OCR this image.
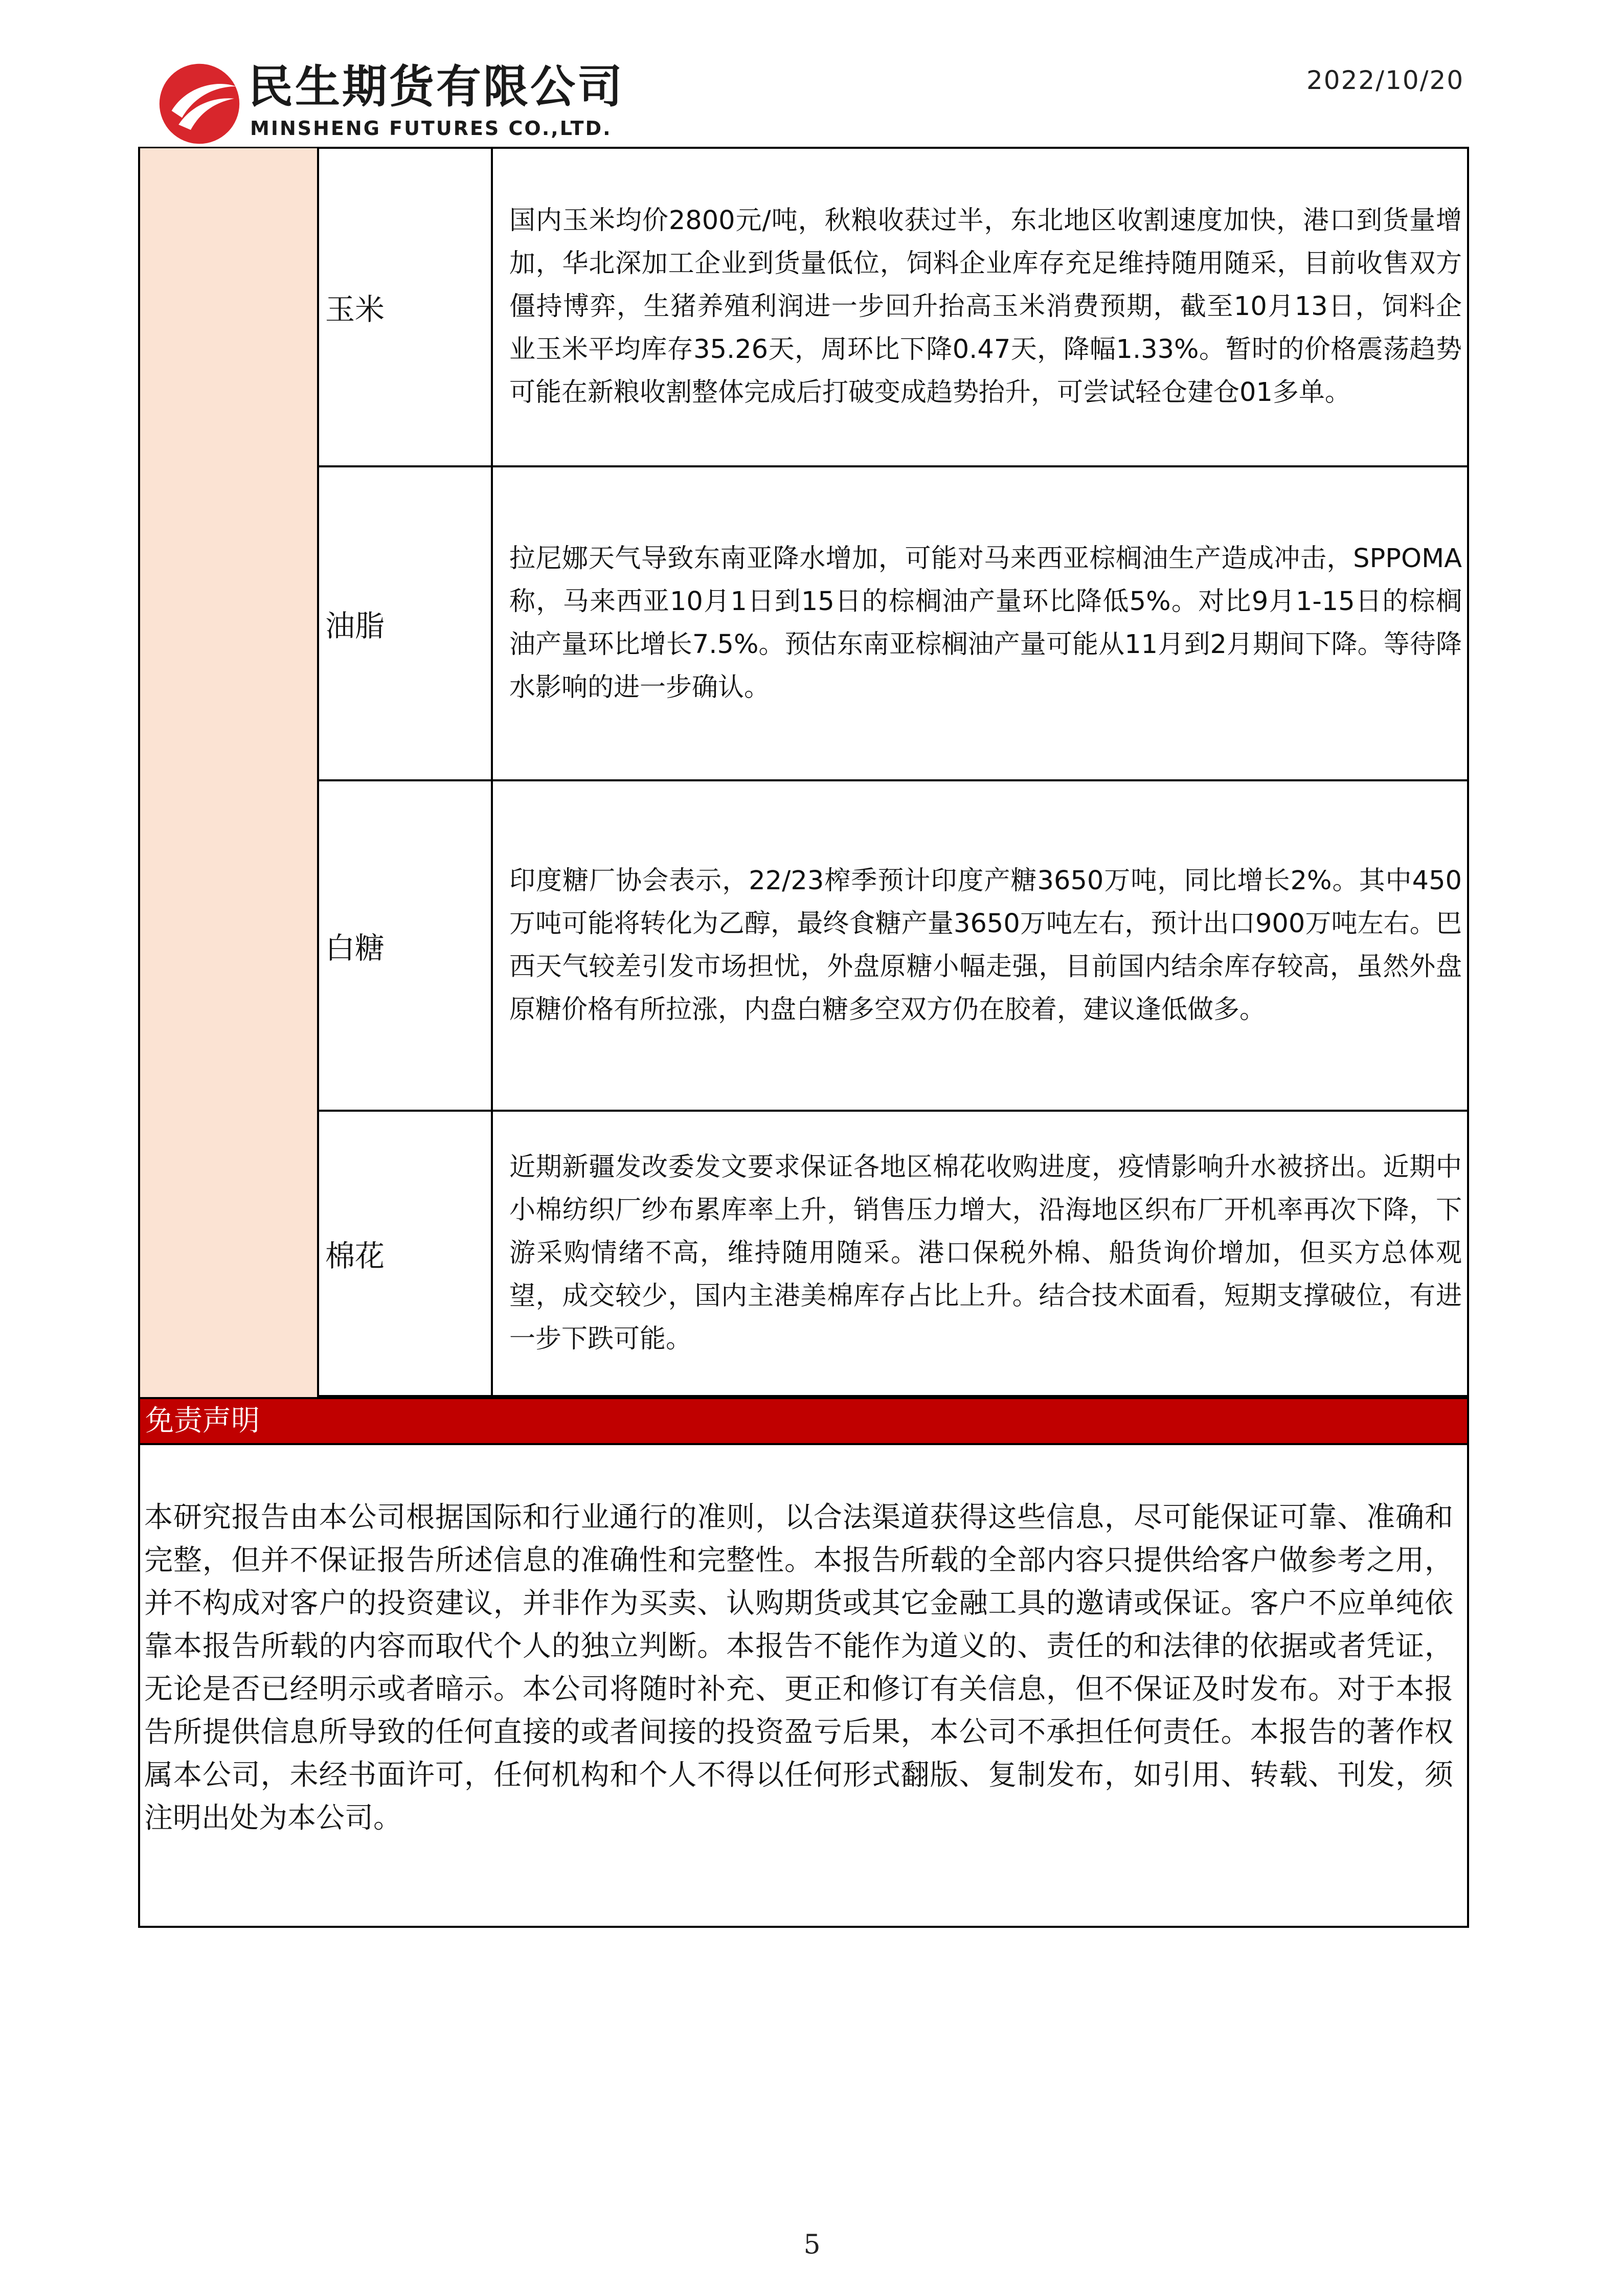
民生期货有限公司
MINSHENG FUTURES CO.,LTD.
2022/10/20
玉米
国内玉米均价2800元/吨，秋粮收获过半，东北地区收割速度加快，港口到货量增加，华北深加工企业到货量低位，饲料企业库存充足维持随用随采，目前收售双方僵持博弈，生猪养殖利润进一步回升抬高玉米消费预期，截至10月13日，饲料企业玉米平均库存35.26天，周环比下降0.47天，降幅1.33%。暂时的价格震荡趋势可能在新粮收割整体完成后打破变成趋势抬升，可尝试轻仓建仓01多单。
油脂
拉尼娜天气导致东南亚降水增加，可能对马来西亚棕榈油生产造成冲击，SPPOMA称，马来西亚10月1日到15日的棕榈油产量环比降低5%。对比9月1-15日的棕榈油产量环比增长7.5%。预估东南亚棕榈油产量可能从11月到2月期间下降。等待降水影响的进一步确认。
白糖
印度糖厂协会表示，22/23榨季预计印度产糖3650万吨，同比增长2%。其中450万吨可能将转化为乙醇，最终食糖产量3650万吨左右，预计出口900万吨左右。巴西天气较差引发市场担忧，外盘原糖小幅走强，目前国内结余库存较高，虽然外盘原糖价格有所拉涨，内盘白糖多空双方仍在胶着，建议逢低做多。
棉花
近期新疆发改委发文要求保证各地区棉花收购进度，疫情影响升水被挤出。近期中小棉纺织厂纱布累库率上升，销售压力增大，沿海地区织布厂开机率再次下降，下游采购情绪不高，维持随用随采。港口保税外棉、船货询价增加，但买方总体观望，成交较少，国内主港美棉库存占比上升。结合技术面看，短期支撑破位，有进一步下跌可能。
免责声明
本研究报告由本公司根据国际和行业通行的准则，以合法渠道获得这些信息，尽可能保证可靠、准确和完整，但并不保证报告所述信息的准确性和完整性。本报告所载的全部内容只提供给客户做参考之用，并不构成对客户的投资建议，并非作为买卖、认购期货或其它金融工具的邀请或保证。客户不应单纯依靠本报告所载的内容而取代个人的独立判断。本报告不能作为道义的、责任的和法律的依据或者凭证，无论是否已经明示或者暗示。本公司将随时补充、更正和修订有关信息，但不保证及时发布。对于本报告所提供信息所导致的任何直接的或者间接的投资盈亏后果，本公司不承担任何责任。本报告的著作权属本公司，未经书面许可，任何机构和个人不得以任何形式翻版、复制发布，如引用、转载、刊发，须注明出处为本公司。
5
